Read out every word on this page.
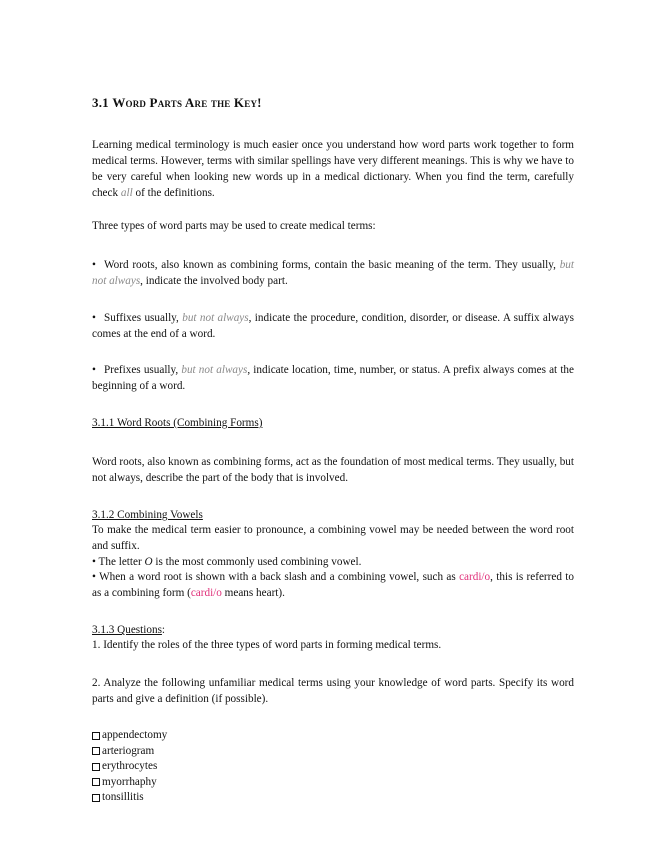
3.1 Word Parts Are the Key!

Learning medical terminology is much easier once you understand how word parts work together to form medical terms. However, terms with similar spellings have very different meanings. This is why we have to be very careful when looking new words up in a medical dictionary. When you find the term, carefully check all of the definitions.

Three types of word parts may be used to create medical terms:

• Word roots, also known as combining forms, contain the basic meaning of the term. They usually, but not always, indicate the involved body part.

• Suffixes usually, but not always, indicate the procedure, condition, disorder, or disease. A suffix always comes at the end of a word.

• Prefixes usually, but not always, indicate location, time, number, or status. A prefix always comes at the beginning of a word.

3.1.1 Word Roots (Combining Forms)

Word roots, also known as combining forms, act as the foundation of most medical terms. They usually, but not always, describe the part of the body that is involved.

3.1.2 Combining Vowels

To make the medical term easier to pronounce, a combining vowel may be needed between the word root and suffix.

• The letter O is the most commonly used combining vowel.

• When a word root is shown with a back slash and a combining vowel, such as cardi/o, this is referred to as a combining form (cardi/o means heart).

3.1.3 Questions:

1. Identify the roles of the three types of word parts in forming medical terms.

2. Analyze the following unfamiliar medical terms using your knowledge of word parts. Specify its word parts and give a definition (if possible).

appendectomy
arteriogram
erythrocytes
myorrhaphy
tonsillitis
